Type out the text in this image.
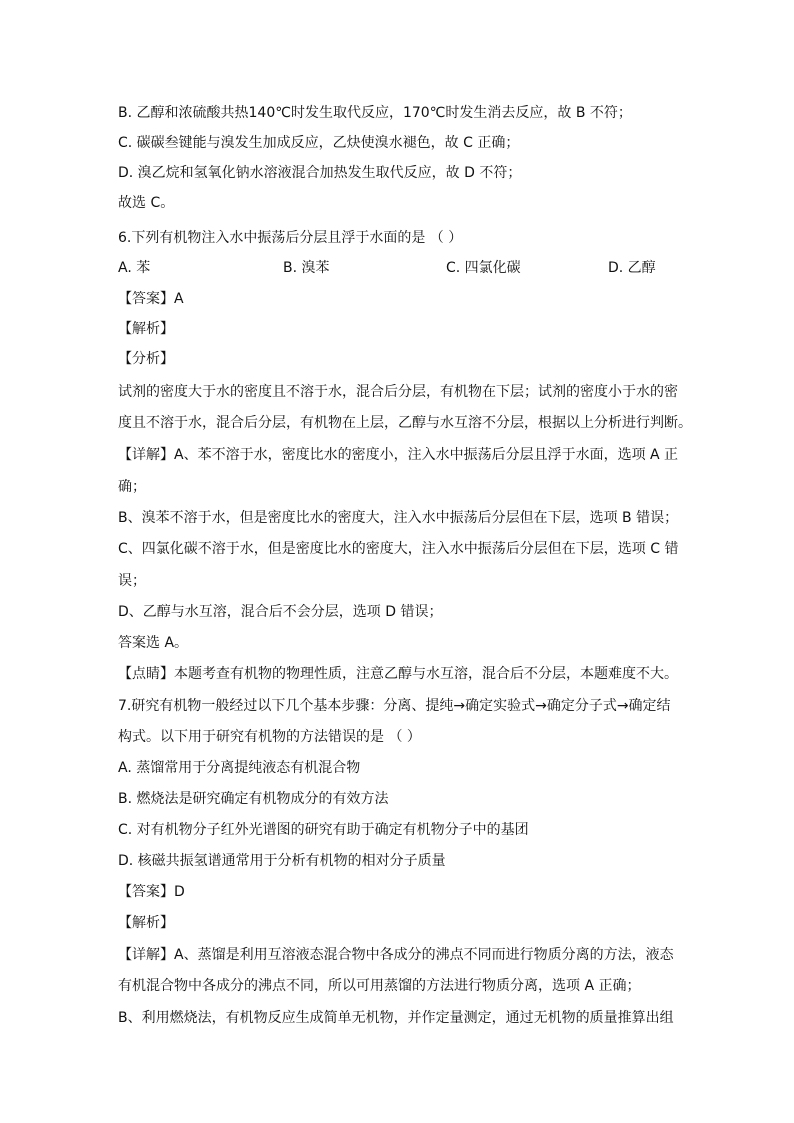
B. 乙醇和浓硫酸共热140℃时发生取代反应，170℃时发生消去反应，故 B 不符；
C. 碳碳叁键能与溴发生加成反应，乙炔使溴水褪色，故 C 正确；
D. 溴乙烷和氢氧化钠水溶液混合加热发生取代反应，故 D 不符；
故选 C。
6.下列有机物注入水中振荡后分层且浮于水面的是 （ ）
A. 苯	B. 溴苯	C. 四氯化碳	D. 乙醇
【答案】A
【解析】
【分析】
试剂的密度大于水的密度且不溶于水，混合后分层，有机物在下层；试剂的密度小于水的密
度且不溶于水，混合后分层，有机物在上层，乙醇与水互溶不分层，根据以上分析进行判断。
【详解】A、苯不溶于水，密度比水的密度小，注入水中振荡后分层且浮于水面，选项 A 正
确；
B、溴苯不溶于水，但是密度比水的密度大，注入水中振荡后分层但在下层，选项 B 错误；
C、四氯化碳不溶于水，但是密度比水的密度大，注入水中振荡后分层但在下层，选项 C 错
误；
D、乙醇与水互溶，混合后不会分层，选项 D 错误；
答案选 A。
【点睛】本题考查有机物的物理性质，注意乙醇与水互溶，混合后不分层，本题难度不大。
7.研究有机物一般经过以下几个基本步骤：分离、提纯→确定实验式→确定分子式→确定结
构式。以下用于研究有机物的方法错误的是 （ ）
A. 蒸馏常用于分离提纯液态有机混合物
B. 燃烧法是研究确定有机物成分的有效方法
C. 对有机物分子红外光谱图的研究有助于确定有机物分子中的基团
D. 核磁共振氢谱通常用于分析有机物的相对分子质量
【答案】D
【解析】
【详解】A、蒸馏是利用互溶液态混合物中各成分的沸点不同而进行物质分离的方法，液态
有机混合物中各成分的沸点不同，所以可用蒸馏的方法进行物质分离，选项 A 正确；
B、利用燃烧法，有机物反应生成简单无机物，并作定量测定，通过无机物的质量推算出组
